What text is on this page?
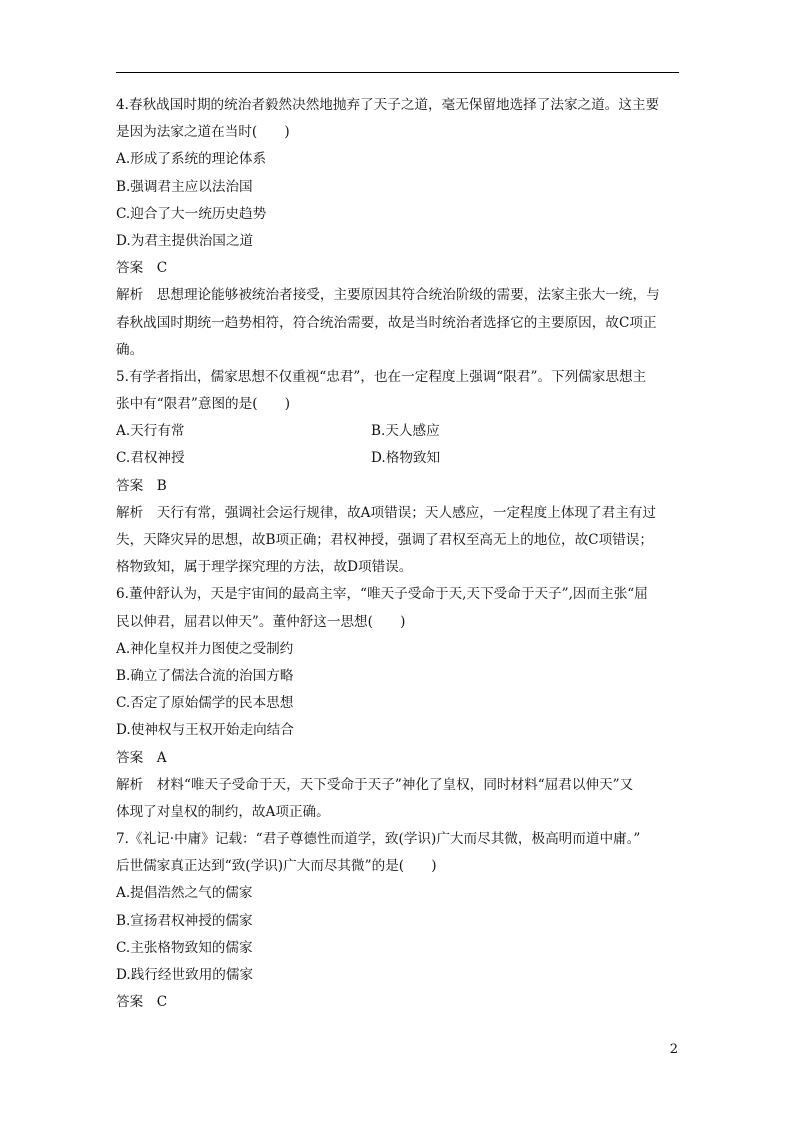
4.春秋战国时期的统治者毅然决然地抛弃了天子之道，毫无保留地选择了法家之道。这主要
是因为法家之道在当时(　　)
A.形成了系统的理论体系
B.强调君主应以法治国
C.迎合了大一统历史趋势
D.为君主提供治国之道
答案　C
解析　思想理论能够被统治者接受，主要原因其符合统治阶级的需要，法家主张大一统，与
春秋战国时期统一趋势相符，符合统治需要，故是当时统治者选择它的主要原因，故C项正
确。
5.有学者指出，儒家思想不仅重视“忠君”，也在一定程度上强调“限君”。下列儒家思想主
张中有“限君”意图的是(　　)
A.天行有常	B.天人感应
C.君权神授	D.格物致知
答案　B
解析　天行有常，强调社会运行规律，故A项错误；天人感应，一定程度上体现了君主有过
失，天降灾异的思想，故B项正确；君权神授，强调了君权至高无上的地位，故C项错误；
格物致知，属于理学探究理的方法，故D项错误。
6.董仲舒认为，天是宇宙间的最高主宰，“唯天子受命于天,天下受命于天子”,因而主张“屈
民以伸君，屈君以伸天”。董仲舒这一思想(　　)
A.神化皇权并力图使之受制约
B.确立了儒法合流的治国方略
C.否定了原始儒学的民本思想
D.使神权与王权开始走向结合
答案　A
解析　材料“唯天子受命于天，天下受命于天子”神化了皇权，同时材料“屈君以伸天”又
体现了对皇权的制约，故A项正确。
7.《礼记·中庸》记载：“君子尊德性而道学，致(学识)广大而尽其微，极高明而道中庸。”
后世儒家真正达到“致(学识)广大而尽其微”的是(　　)
A.提倡浩然之气的儒家
B.宣扬君权神授的儒家
C.主张格物致知的儒家
D.践行经世致用的儒家
答案　C
2
